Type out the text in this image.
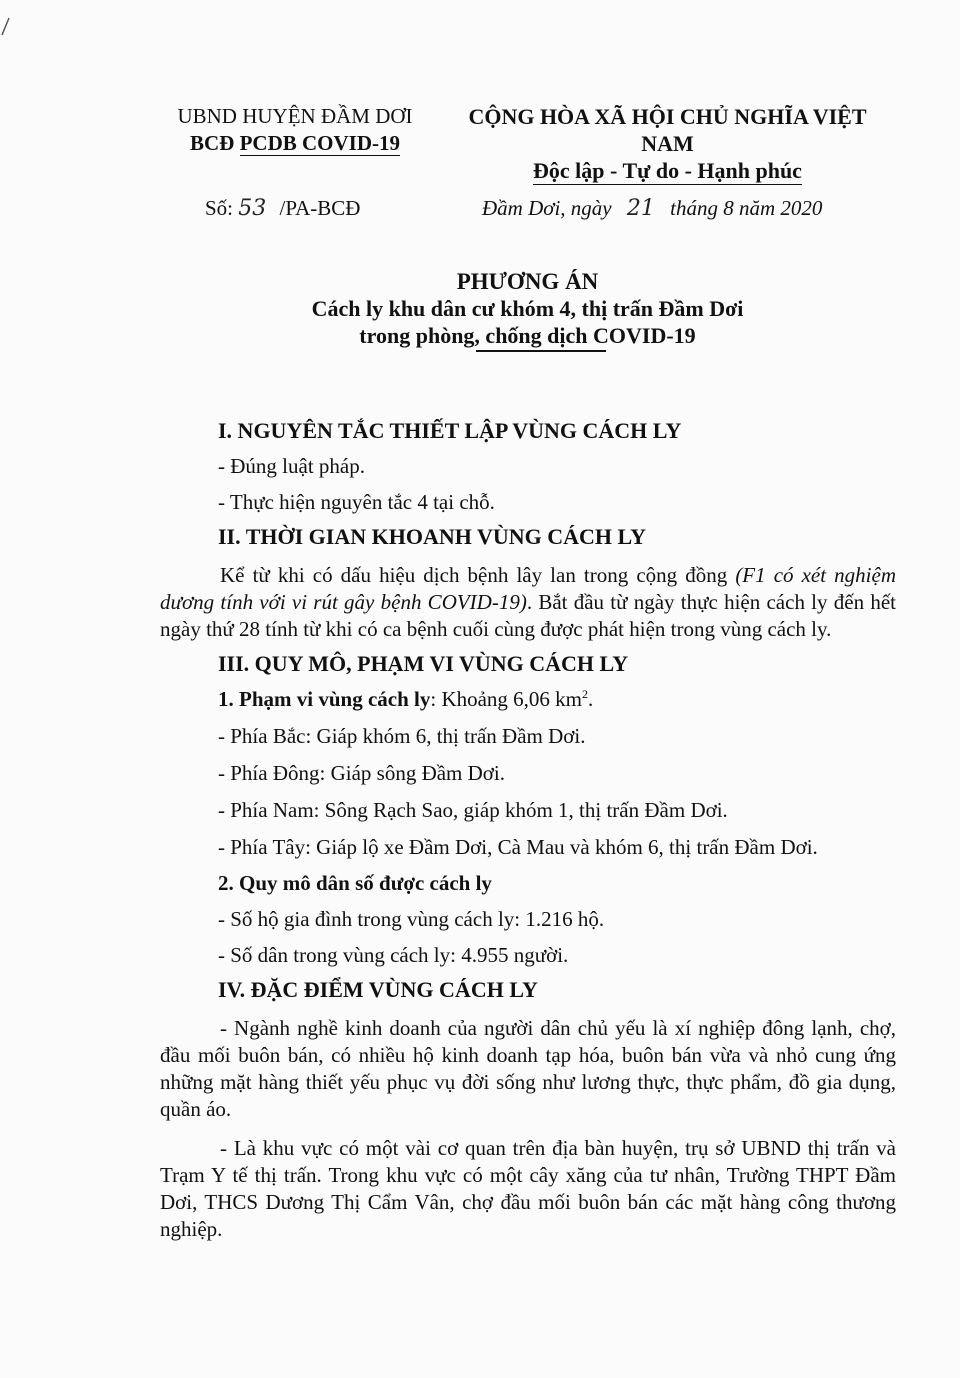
UBND HUYỆN ĐẦM DƠI
BCĐ PCDB COVID-19
CỘNG HÒA XÃ HỘI CHỦ NGHĨA VIỆT NAM
Độc lập - Tự do - Hạnh phúc
Số: 53 /PA-BCĐ	Đầm Dơi, ngày 21 tháng 8 năm 2020
PHƯƠNG ÁN
Cách ly khu dân cư khóm 4, thị trấn Đầm Dơi
trong phòng, chống dịch COVID-19
I. NGUYÊN TẮC THIẾT LẬP VÙNG CÁCH LY
- Đúng luật pháp.
- Thực hiện nguyên tắc 4 tại chỗ.
II. THỜI GIAN KHOANH VÙNG CÁCH LY
Kể từ khi có dấu hiệu dịch bệnh lây lan trong cộng đồng (F1 có xét nghiệm dương tính với vi rút gây bệnh COVID-19). Bắt đầu từ ngày thực hiện cách ly đến hết ngày thứ 28 tính từ khi có ca bệnh cuối cùng được phát hiện trong vùng cách ly.
III. QUY MÔ, PHẠM VI VÙNG CÁCH LY
1. Phạm vi vùng cách ly: Khoảng 6,06 $km^2$.
- Phía Bắc: Giáp khóm 6, thị trấn Đầm Dơi.
- Phía Đông: Giáp sông Đầm Dơi.
- Phía Nam: Sông Rạch Sao, giáp khóm 1, thị trấn Đầm Dơi.
- Phía Tây: Giáp lộ xe Đầm Dơi, Cà Mau và khóm 6, thị trấn Đầm Dơi.
2. Quy mô dân số được cách ly
- Số hộ gia đình trong vùng cách ly: 1.216 hộ.
- Số dân trong vùng cách ly: 4.955 người.
IV. ĐẶC ĐIỂM VÙNG CÁCH LY
- Ngành nghề kinh doanh của người dân chủ yếu là xí nghiệp đông lạnh, chợ, đầu mối buôn bán, có nhiều hộ kinh doanh tạp hóa, buôn bán vừa và nhỏ cung ứng những mặt hàng thiết yếu phục vụ đời sống như lương thực, thực phẩm, đồ gia dụng, quần áo.
- Là khu vực có một vài cơ quan trên địa bàn huyện, trụ sở UBND thị trấn và Trạm Y tế thị trấn. Trong khu vực có một cây xăng của tư nhân, Trường THPT Đầm Dơi, THCS Dương Thị Cẩm Vân, chợ đầu mối buôn bán các mặt hàng công thương nghiệp.
